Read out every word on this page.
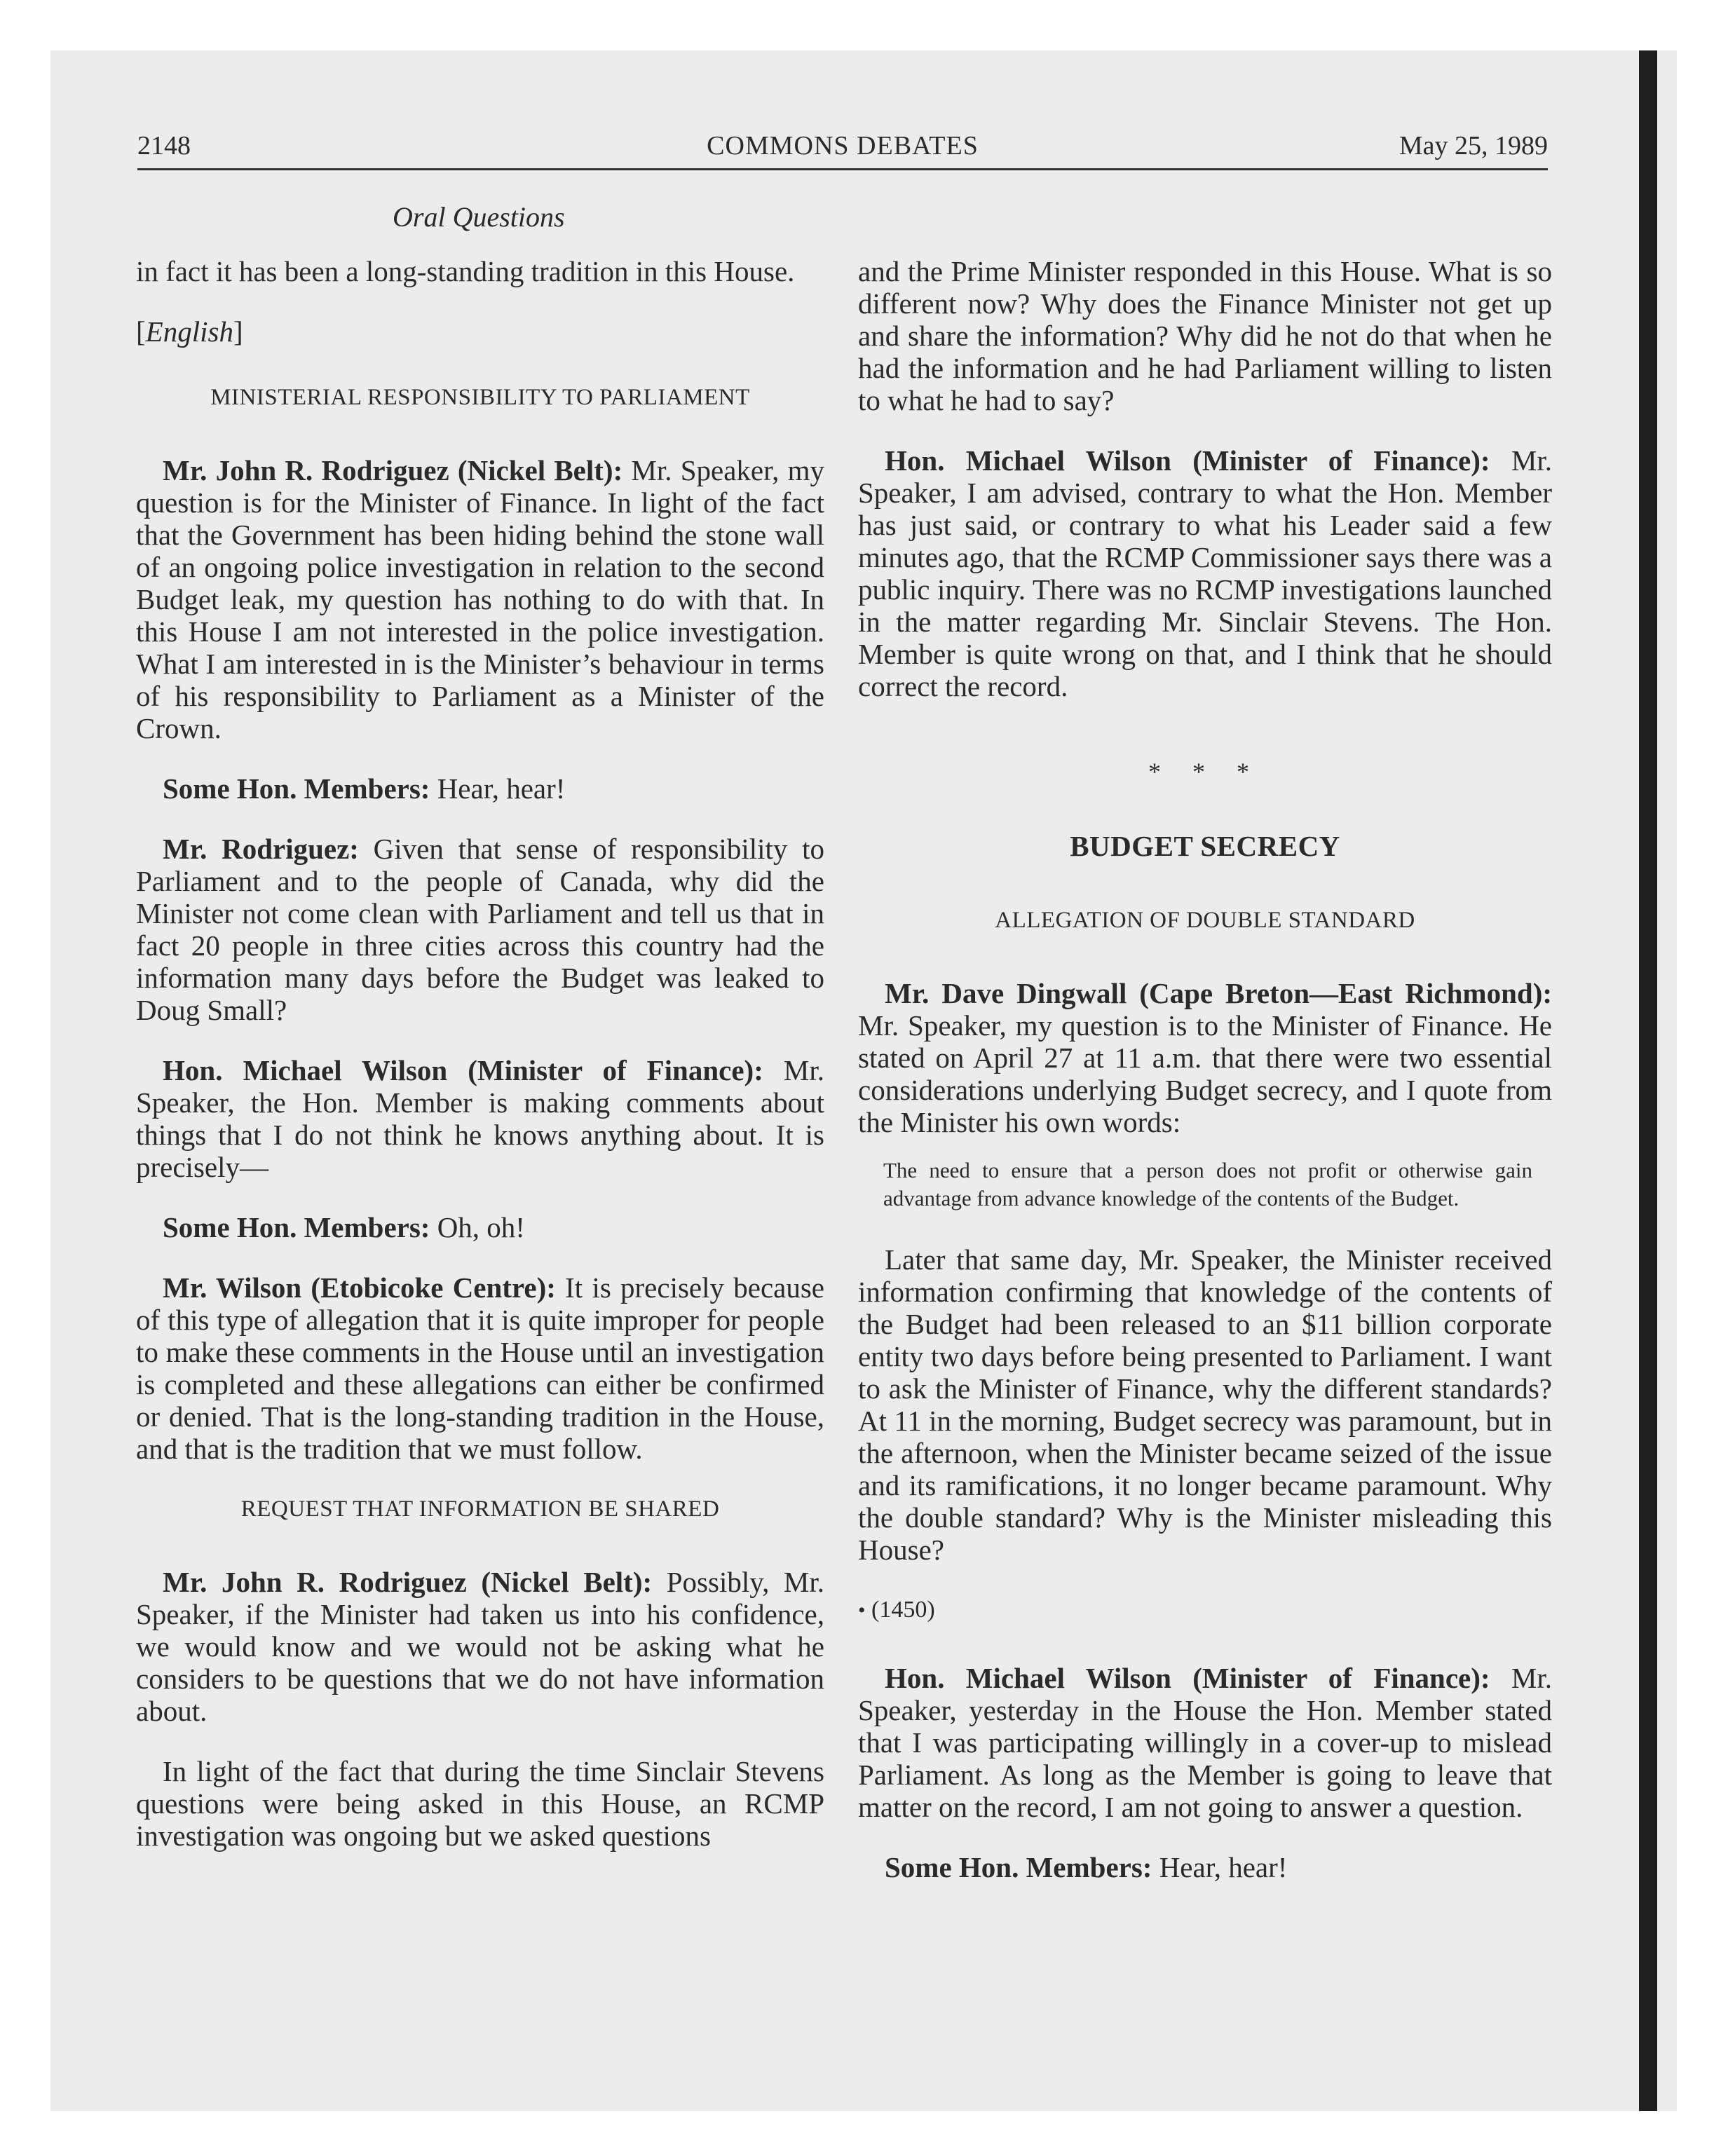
2148	COMMONS DEBATES	May 25, 1989
Oral Questions

in fact it has been a long-standing tradition in this House.

[English]

MINISTERIAL RESPONSIBILITY TO PARLIAMENT

Mr. John R. Rodriguez (Nickel Belt): Mr. Speaker, my question is for the Minister of Finance. In light of the fact that the Government has been hiding behind the stone wall of an ongoing police investigation in relation to the second Budget leak, my question has nothing to do with that. In this House I am not interested in the police investigation. What I am interested in is the Minister’s behaviour in terms of his responsibility to Parliament as a Minister of the Crown.

Some Hon. Members: Hear, hear!

Mr. Rodriguez: Given that sense of responsibility to Parliament and to the people of Canada, why did the Minister not come clean with Parliament and tell us that in fact 20 people in three cities across this country had the information many days before the Budget was leaked to Doug Small?

Hon. Michael Wilson (Minister of Finance): Mr. Speaker, the Hon. Member is making comments about things that I do not think he knows anything about. It is precisely—

Some Hon. Members: Oh, oh!

Mr. Wilson (Etobicoke Centre): It is precisely because of this type of allegation that it is quite improper for people to make these comments in the House until an investigation is completed and these allegations can either be confirmed or denied. That is the long-standing tradition in the House, and that is the tradition that we must follow.

REQUEST THAT INFORMATION BE SHARED

Mr. John R. Rodriguez (Nickel Belt): Possibly, Mr. Speaker, if the Minister had taken us into his confidence, we would know and we would not be asking what he considers to be questions that we do not have information about.

In light of the fact that during the time Sinclair Stevens questions were being asked in this House, an RCMP investigation was ongoing but we asked questions

and the Prime Minister responded in this House. What is so different now? Why does the Finance Minister not get up and share the information? Why did he not do that when he had the information and he had Parliament willing to listen to what he had to say?

Hon. Michael Wilson (Minister of Finance): Mr. Speaker, I am advised, contrary to what the Hon. Member has just said, or contrary to what his Leader said a few minutes ago, that the RCMP Commissioner says there was a public inquiry. There was no RCMP investigations launched in the matter regarding Mr. Sinclair Stevens. The Hon. Member is quite wrong on that, and I think that he should correct the record.

* * *
BUDGET SECRECY
ALLEGATION OF DOUBLE STANDARD

Mr. Dave Dingwall (Cape Breton—East Richmond): Mr. Speaker, my question is to the Minister of Finance. He stated on April 27 at 11 a.m. that there were two essential considerations underlying Budget secrecy, and I quote from the Minister his own words:

The need to ensure that a person does not profit or otherwise gain advantage from advance knowledge of the contents of the Budget.

Later that same day, Mr. Speaker, the Minister received information confirming that knowledge of the contents of the Budget had been released to an $11 billion corporate entity two days before being presented to Parliament. I want to ask the Minister of Finance, why the different standards? At 11 in the morning, Budget secrecy was paramount, but in the afternoon, when the Minister became seized of the issue and its ramifications, it no longer became paramount. Why the double standard? Why is the Minister misleading this House?

• (1450)

Hon. Michael Wilson (Minister of Finance): Mr. Speaker, yesterday in the House the Hon. Member stated that I was participating willingly in a cover-up to mislead Parliament. As long as the Member is going to leave that matter on the record, I am not going to answer a question.

Some Hon. Members: Hear, hear!
